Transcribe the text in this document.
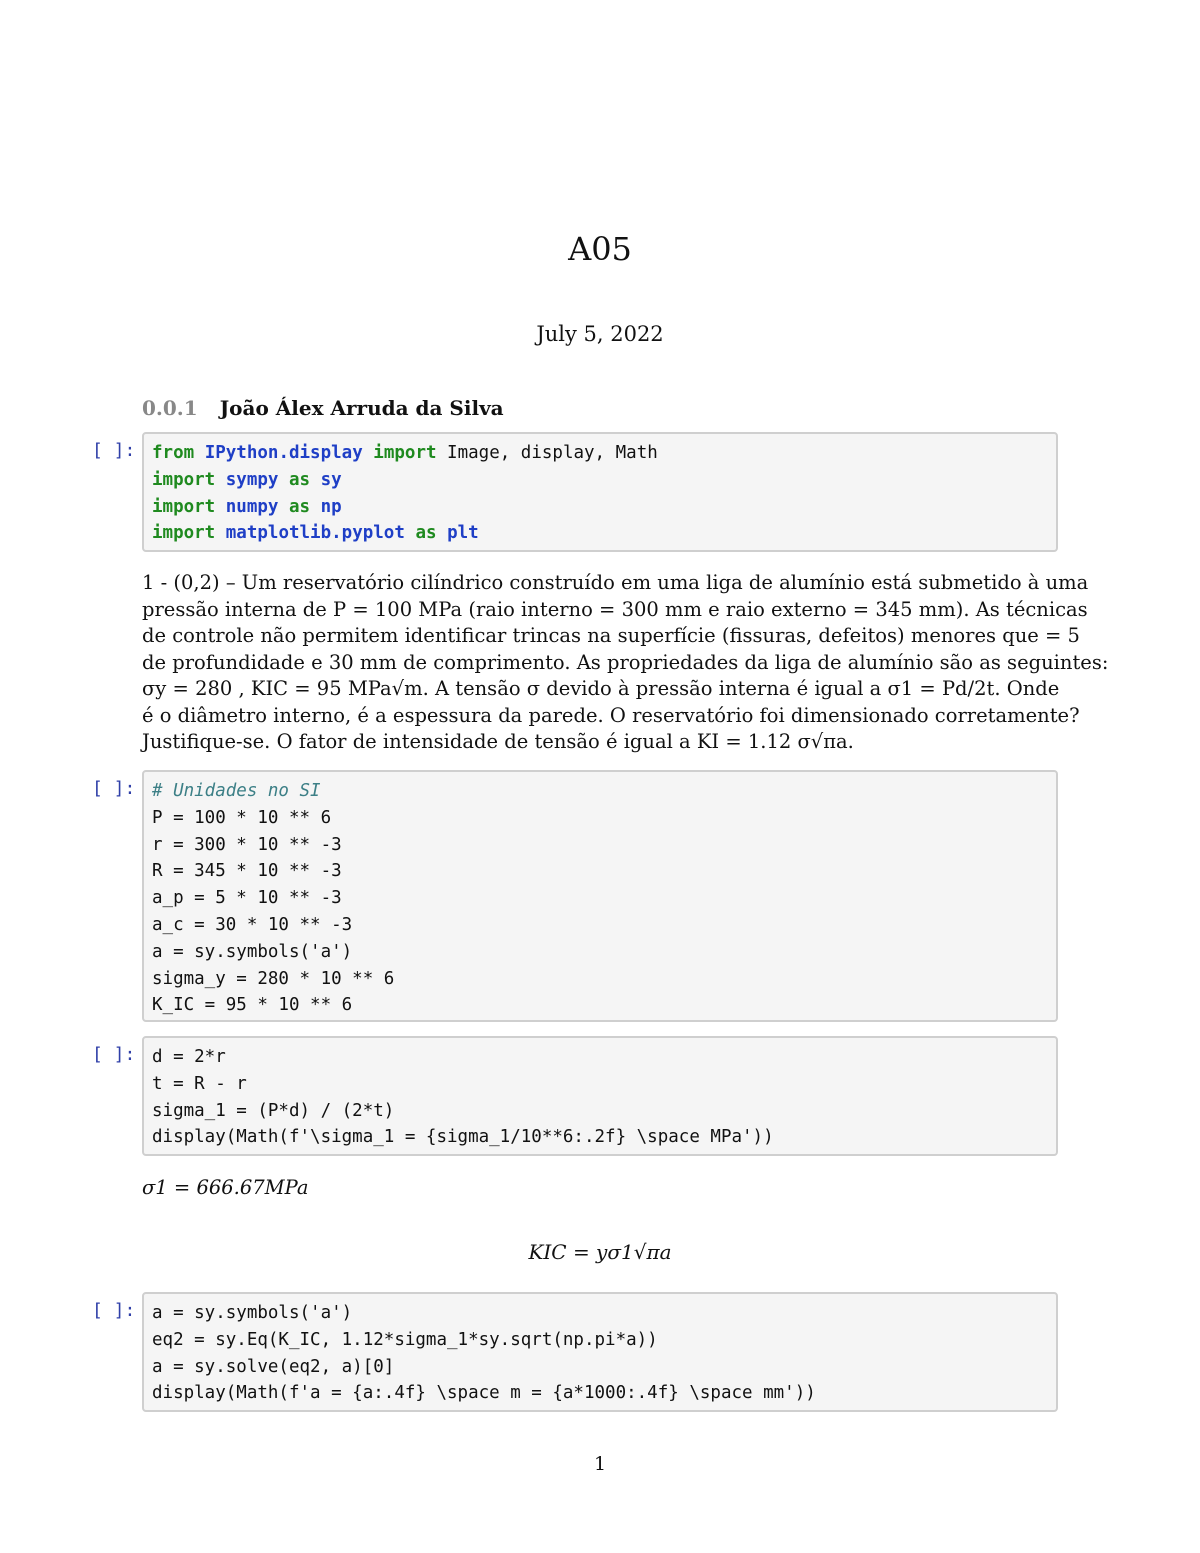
A05
July 5, 2022
0.0.1 João Álex Arruda da Silva
[ ]: from IPython.display import Image, display, Math
import sympy as sy
import numpy as np
import matplotlib.pyplot as plt
1 - (0,2) – Um reservatório cilíndrico construído em uma liga de alumínio está submetido à uma
pressão interna de P = 100 MPa (raio interno = 300 mm e raio externo = 345 mm). As técnicas
de controle não permitem identificar trincas na superfície (fissuras, defeitos) menores que = 5
de profundidade e 30 mm de comprimento. As propriedades da liga de alumínio são as seguintes:
σy = 280 , KIC = 95 MPa√m. A tensão σ devido à pressão interna é igual a σ1 = Pd/2t. Onde
é o diâmetro interno, é a espessura da parede. O reservatório foi dimensionado corretamente?
Justifique-se. O fator de intensidade de tensão é igual a KI = 1.12 σ√πa.
[ ]: # Unidades no SI
P = 100 * 10 ** 6
r = 300 * 10 ** -3
R = 345 * 10 ** -3
a_p = 5 * 10 ** -3
a_c = 30 * 10 ** -3
a = sy.symbols('a')
sigma_y = 280 * 10 ** 6
K_IC = 95 * 10 ** 6
[ ]: d = 2*r
t = R - r
sigma_1 = (P*d) / (2*t)
display(Math(f'\sigma_1 = {sigma_1/10**6:.2f} \space MPa'))
σ1 = 666.67MPa
KIC = yσ1√πa
[ ]: a = sy.symbols('a')
eq2 = sy.Eq(K_IC, 1.12*sigma_1*sy.sqrt(np.pi*a))
a = sy.solve(eq2, a)[0]
display(Math(f'a = {a:.4f} \space m = {a*1000:.4f} \space mm'))
1
